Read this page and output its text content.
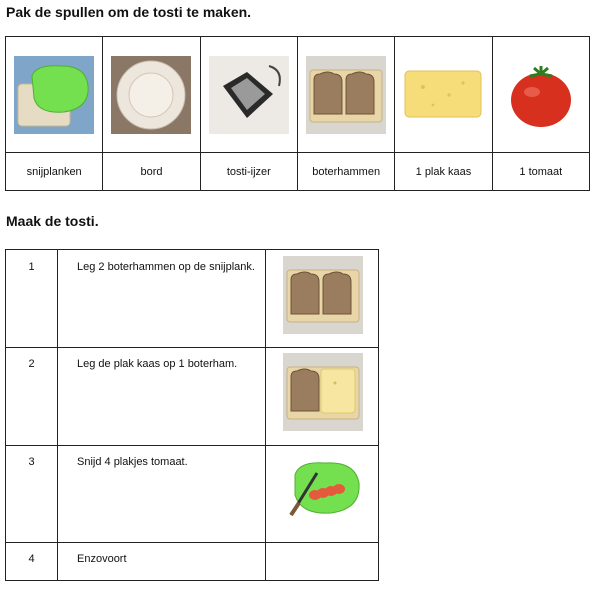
Pak de spullen om de tosti te maken.
snijplanken	bord	tosti-ijzer	boterhammen	1 plak kaas	1 tomaat
Maak de tosti.
1	Leg 2 boterhammen op de snijplank.
2	Leg de plak kaas op 1 boterham.
3	Snijd 4 plakjes tomaat.
4	Enzovoort
